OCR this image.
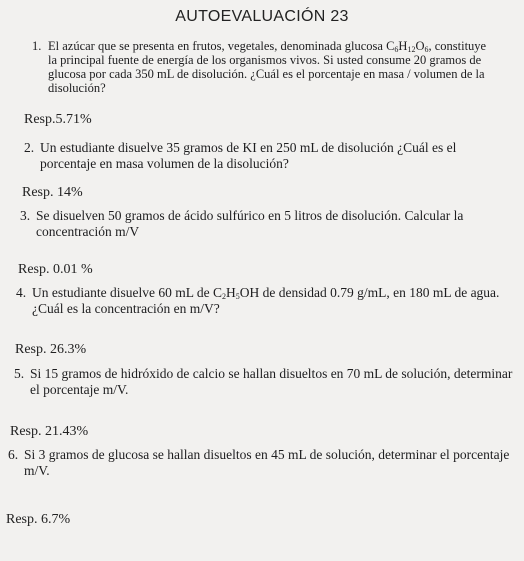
AUTOEVALUACIÓN 23
1. El azúcar que se presenta en frutos, vegetales, denominada glucosa $C_6H_{12}O_6$, constituye la principal fuente de energía de los organismos vivos. Si usted consume 20 gramos de glucosa por cada 350 mL de disolución. ¿Cuál es el porcentaje en masa / volumen de la disolución?
Resp.5.71%
2. Un estudiante disuelve 35 gramos de KI en 250 mL de disolución ¿Cuál es el porcentaje en masa volumen de la disolución?
Resp. 14%
3. Se disuelven 50 gramos de ácido sulfúrico en 5 litros de disolución. Calcular la concentración m/V
Resp. 0.01 %
4. Un estudiante disuelve 60 mL de $C_2H_5OH$ de densidad 0.79 g/mL, en 180 mL de agua. ¿Cuál es la concentración en m/V?
Resp. 26.3%
5. Si 15 gramos de hidróxido de calcio se hallan disueltos en 70 mL de solución, determinar el porcentaje m/V.
Resp. 21.43%
6. Si 3 gramos de glucosa se hallan disueltos en 45 mL de solución, determinar el porcentaje m/V.
Resp. 6.7%
